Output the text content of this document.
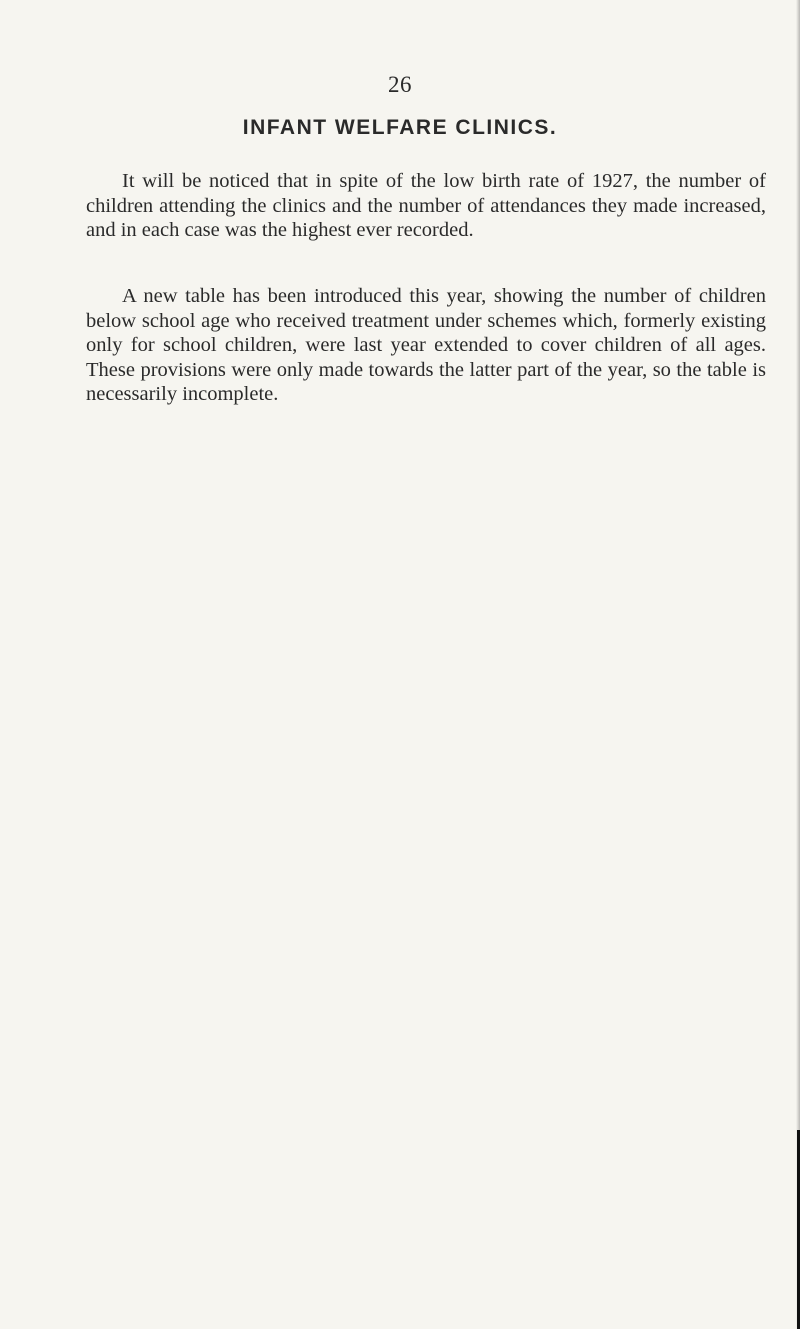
26
INFANT WELFARE CLINICS.

It will be noticed that in spite of the low birth rate of 1927, the number of children attending the clinics and the number of attendances they made increased, and in each case was the highest ever recorded.

A new table has been introduced this year, showing the number of children below school age who received treatment under schemes which, formerly existing only for school children, were last year extended to cover children of all ages. These provisions were only made towards the latter part of the year, so the table is necessarily incomplete.
